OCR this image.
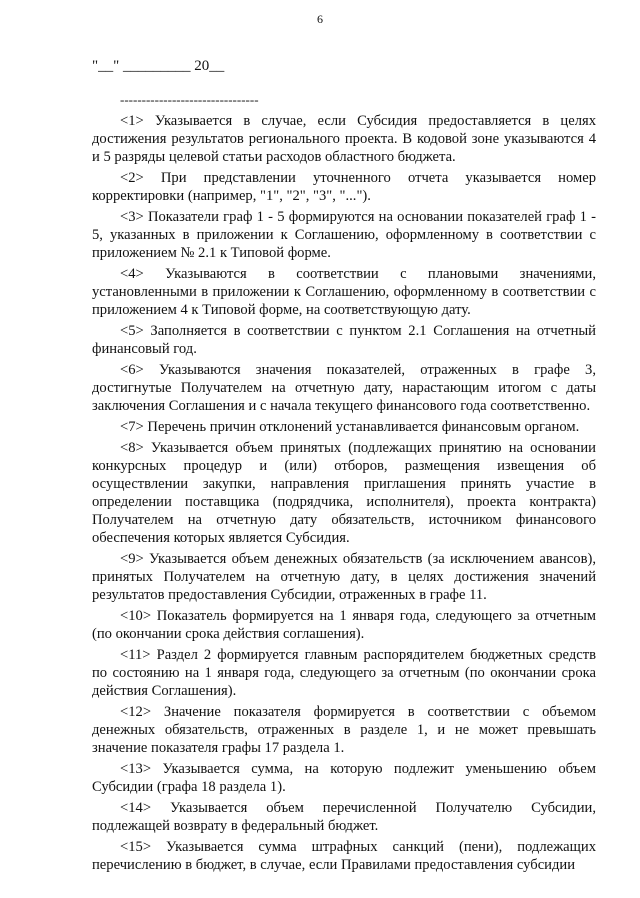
6
"__" _________ 20__
--------------------------------

<1> Указывается в случае, если Субсидия предоставляется в целях достижения результатов регионального проекта. В кодовой зоне указываются 4 и 5 разряды целевой статьи расходов областного бюджета.

<2> При представлении уточненного отчета указывается номер корректировки (например, "1", "2", "3", "...").

<3> Показатели граф 1 - 5 формируются на основании показателей граф 1 - 5, указанных в приложении к Соглашению, оформленному в соответствии с приложением № 2.1 к Типовой форме.

<4> Указываются в соответствии с плановыми значениями, установленными в приложении к Соглашению, оформленному в соответствии с приложением 4 к Типовой форме, на соответствующую дату.

<5> Заполняется в соответствии с пунктом 2.1 Соглашения на отчетный финансовый год.

<6> Указываются значения показателей, отраженных в графе 3, достигнутые Получателем на отчетную дату, нарастающим итогом с даты заключения Соглашения и с начала текущего финансового года соответственно.

<7> Перечень причин отклонений устанавливается финансовым органом.

<8> Указывается объем принятых (подлежащих принятию на основании конкурсных процедур и (или) отборов, размещения извещения об осуществлении закупки, направления приглашения принять участие в определении поставщика (подрядчика, исполнителя), проекта контракта) Получателем на отчетную дату обязательств, источником финансового обеспечения которых является Субсидия.

<9> Указывается объем денежных обязательств (за исключением авансов), принятых Получателем на отчетную дату, в целях достижения значений результатов предоставления Субсидии, отраженных в графе 11.

<10> Показатель формируется на 1 января года, следующего за отчетным (по окончании срока действия соглашения).

<11> Раздел 2 формируется главным распорядителем бюджетных средств по состоянию на 1 января года, следующего за отчетным (по окончании срока действия Соглашения).

<12> Значение показателя формируется в соответствии с объемом денежных обязательств, отраженных в разделе 1, и не может превышать значение показателя графы 17 раздела 1.

<13> Указывается сумма, на которую подлежит уменьшению объем Субсидии (графа 18 раздела 1).

<14> Указывается объем перечисленной Получателю Субсидии, подлежащей возврату в федеральный бюджет.

<15> Указывается сумма штрафных санкций (пени), подлежащих перечислению в бюджет, в случае, если Правилами предоставления субсидии
